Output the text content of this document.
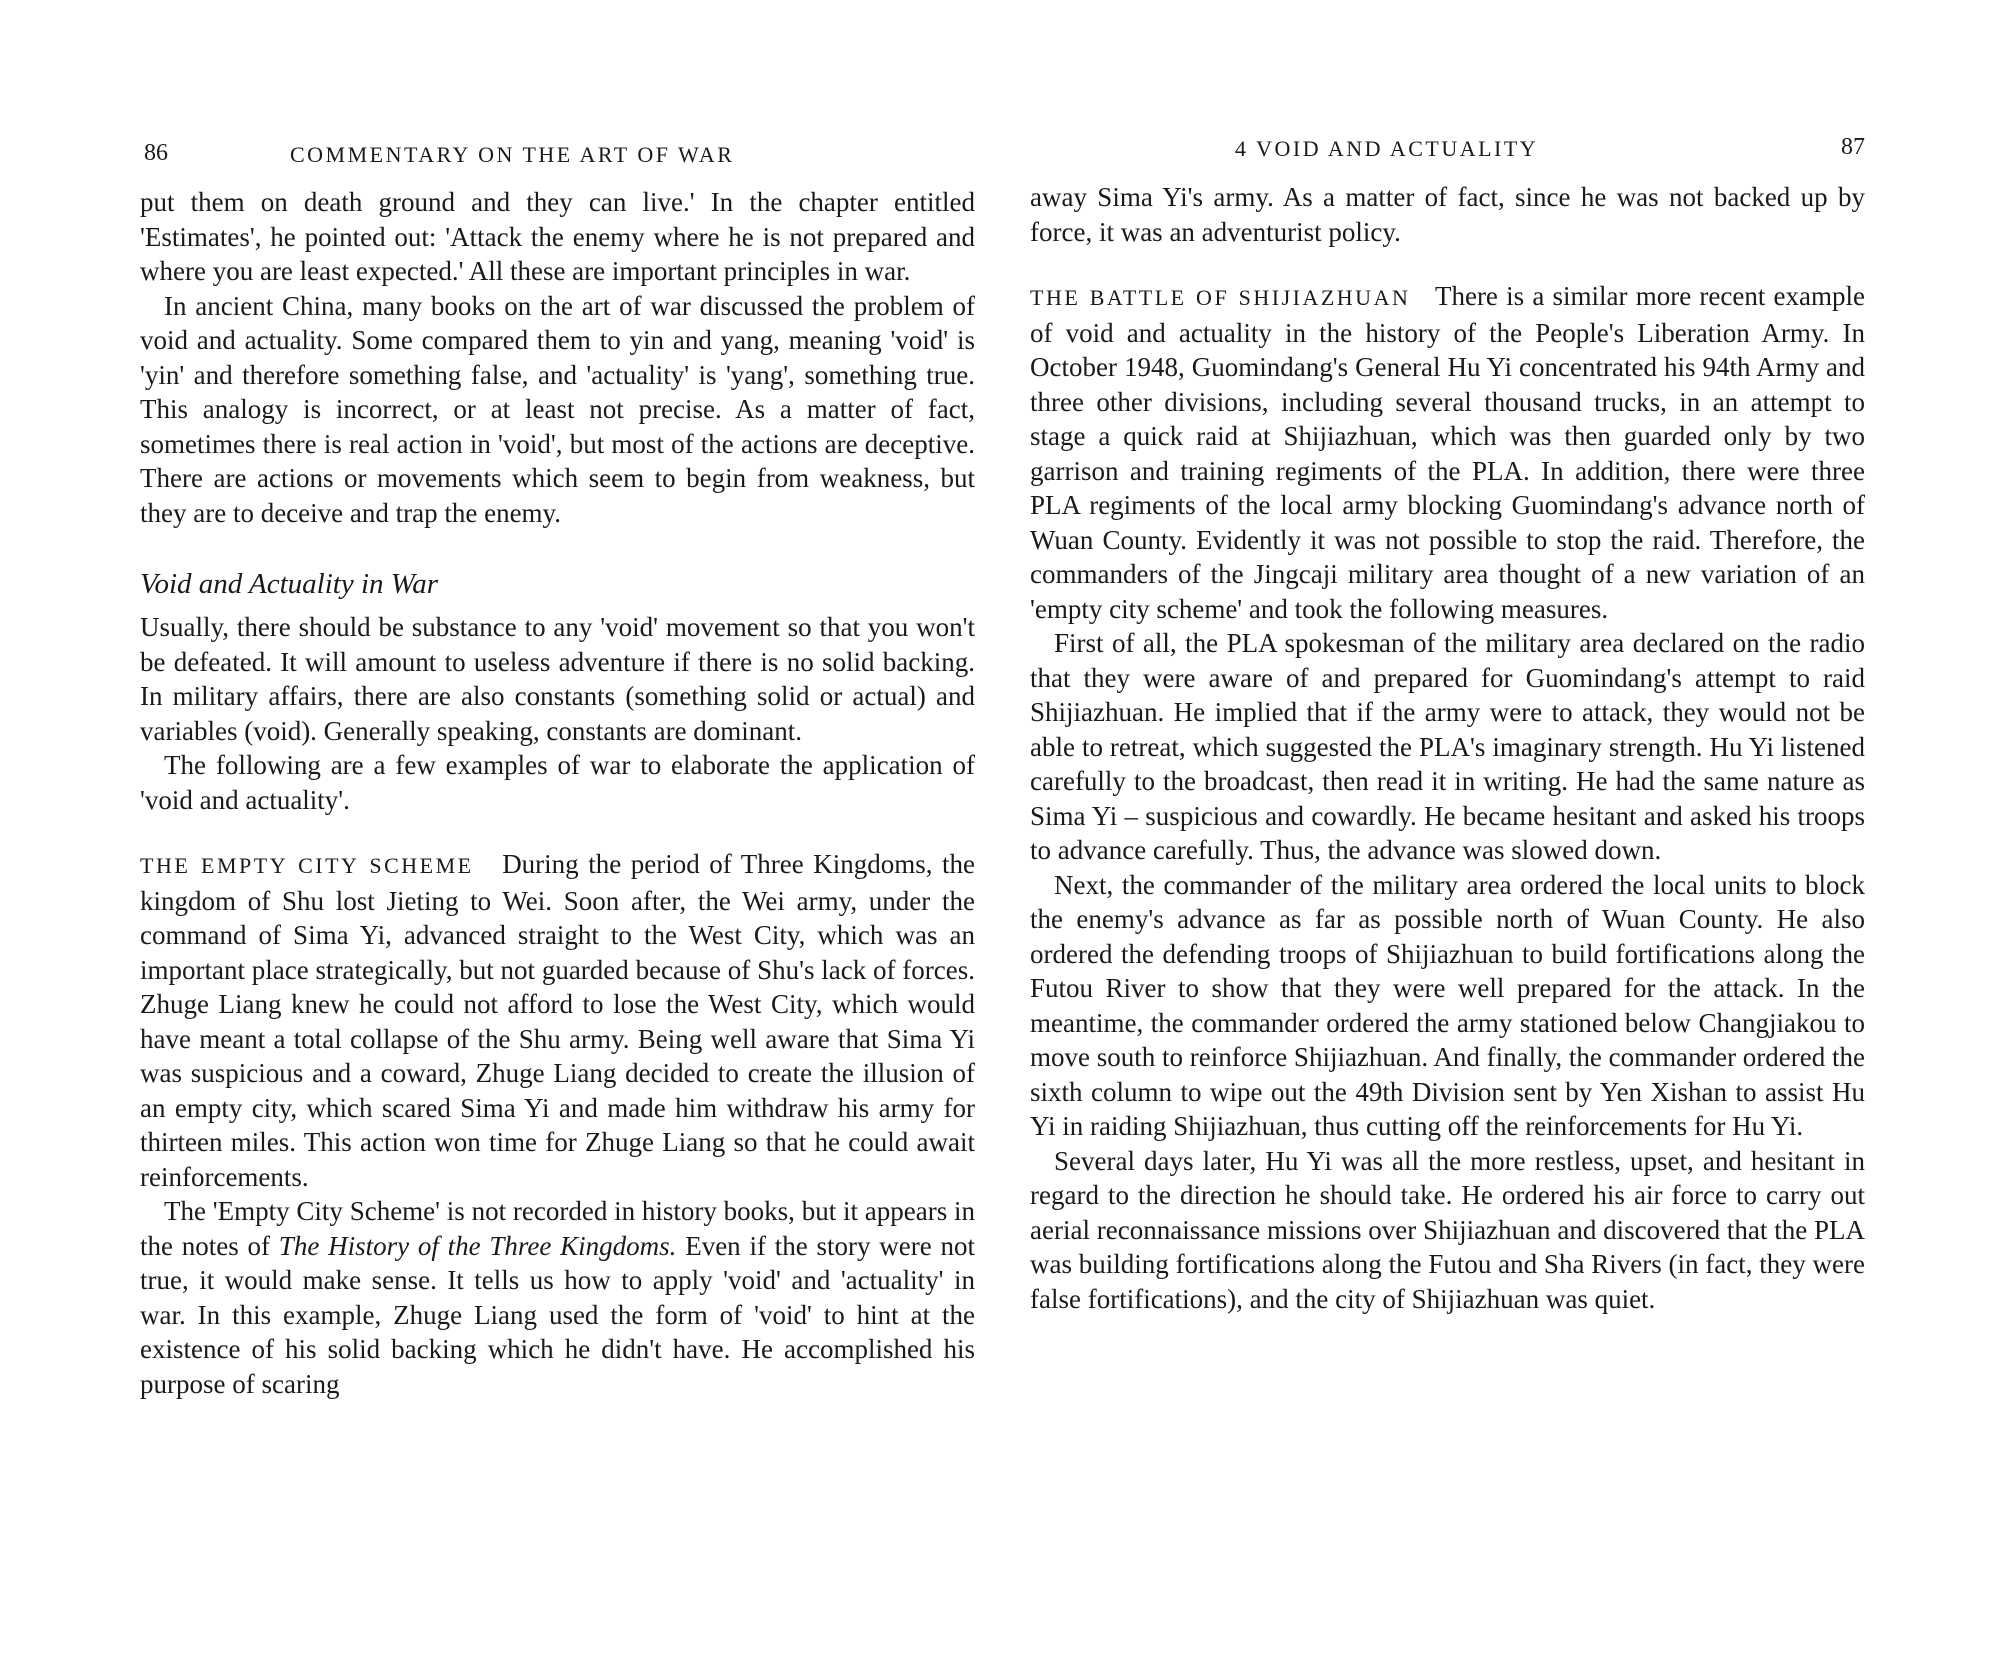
86	COMMENTARY ON THE ART OF WAR

put them on death ground and they can live.' In the chapter entitled 'Estimates', he pointed out: 'Attack the enemy where he is not prepared and where you are least expected.' All these are important principles in war.

In ancient China, many books on the art of war discussed the problem of void and actuality. Some compared them to yin and yang, meaning 'void' is 'yin' and therefore something false, and 'actuality' is 'yang', something true. This analogy is incorrect, or at least not precise. As a matter of fact, sometimes there is real action in 'void', but most of the actions are deceptive. There are actions or movements which seem to begin from weakness, but they are to deceive and trap the enemy.

Void and Actuality in War

Usually, there should be substance to any 'void' movement so that you won't be defeated. It will amount to useless adventure if there is no solid backing. In military affairs, there are also constants (something solid or actual) and variables (void). Generally speaking, constants are dominant.

The following are a few examples of war to elaborate the application of 'void and actuality'.

THE EMPTY CITY SCHEME During the period of Three Kingdoms, the kingdom of Shu lost Jieting to Wei. Soon after, the Wei army, under the command of Sima Yi, advanced straight to the West City, which was an important place strategically, but not guarded because of Shu's lack of forces. Zhuge Liang knew he could not afford to lose the West City, which would have meant a total collapse of the Shu army. Being well aware that Sima Yi was suspicious and a coward, Zhuge Liang decided to create the illusion of an empty city, which scared Sima Yi and made him withdraw his army for thirteen miles. This action won time for Zhuge Liang so that he could await reinforcements.

The 'Empty City Scheme' is not recorded in history books, but it appears in the notes of The History of the Three Kingdoms. Even if the story were not true, it would make sense. It tells us how to apply 'void' and 'actuality' in war. In this example, Zhuge Liang used the form of 'void' to hint at the existence of his solid backing which he didn't have. He accomplished his purpose of scaring

4 VOID AND ACTUALITY	87

away Sima Yi's army. As a matter of fact, since he was not backed up by force, it was an adventurist policy.

THE BATTLE OF SHIJIAZHUAN There is a similar more recent example of void and actuality in the history of the People's Liberation Army. In October 1948, Guomindang's General Hu Yi concentrated his 94th Army and three other divisions, including several thousand trucks, in an attempt to stage a quick raid at Shijiazhuan, which was then guarded only by two garrison and training regiments of the PLA. In addition, there were three PLA regiments of the local army blocking Guomindang's advance north of Wuan County. Evidently it was not possible to stop the raid. Therefore, the commanders of the Jingcaji military area thought of a new variation of an 'empty city scheme' and took the following measures.

First of all, the PLA spokesman of the military area declared on the radio that they were aware of and prepared for Guomindang's attempt to raid Shijiazhuan. He implied that if the army were to attack, they would not be able to retreat, which suggested the PLA's imaginary strength. Hu Yi listened carefully to the broadcast, then read it in writing. He had the same nature as Sima Yi – suspicious and cowardly. He became hesitant and asked his troops to advance carefully. Thus, the advance was slowed down.

Next, the commander of the military area ordered the local units to block the enemy's advance as far as possible north of Wuan County. He also ordered the defending troops of Shijiazhuan to build fortifications along the Futou River to show that they were well prepared for the attack. In the meantime, the commander ordered the army stationed below Changjiakou to move south to reinforce Shijiazhuan. And finally, the commander ordered the sixth column to wipe out the 49th Division sent by Yen Xishan to assist Hu Yi in raiding Shijiazhuan, thus cutting off the reinforcements for Hu Yi.

Several days later, Hu Yi was all the more restless, upset, and hesitant in regard to the direction he should take. He ordered his air force to carry out aerial reconnaissance missions over Shijiazhuan and discovered that the PLA was building fortifications along the Futou and Sha Rivers (in fact, they were false fortifications), and the city of Shijiazhuan was quiet.
